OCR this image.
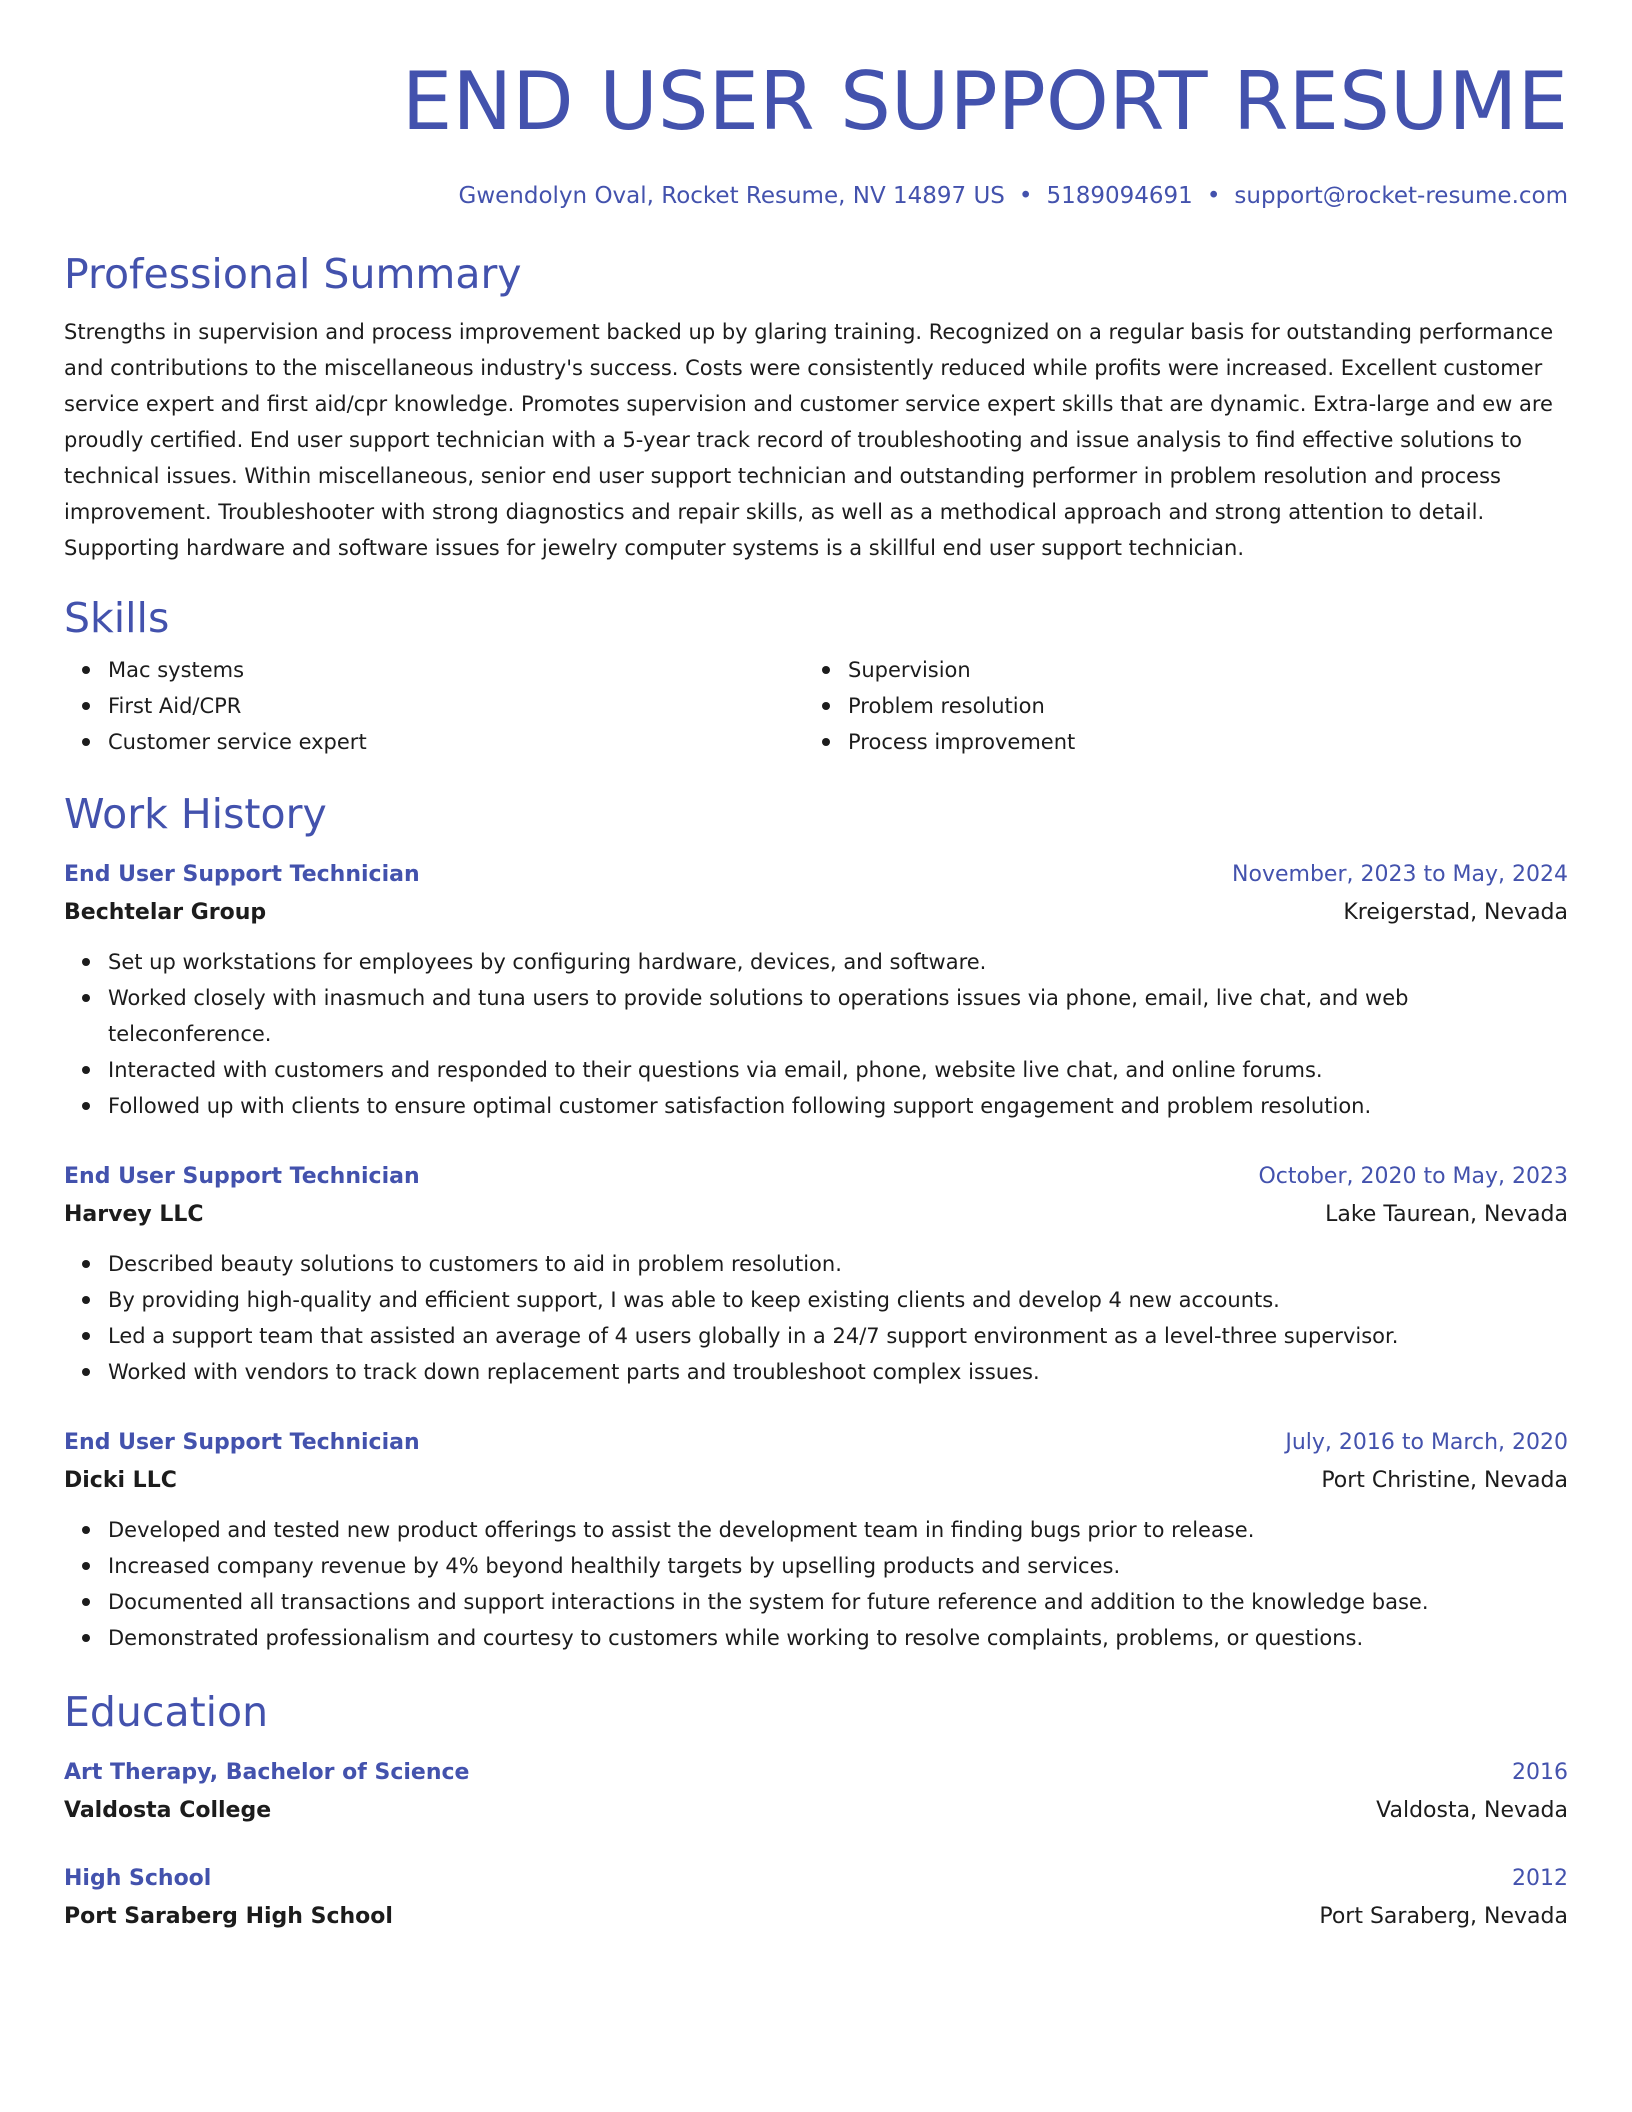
END USER SUPPORT RESUME
Gwendolyn Oval, Rocket Resume, NV 14897 US • 5189094691 • support@rocket-resume.com
Professional Summary
Strengths in supervision and process improvement backed up by glaring training. Recognized on a regular basis for outstanding performance and contributions to the miscellaneous industry's success. Costs were consistently reduced while profits were increased. Excellent customer service expert and first aid/cpr knowledge. Promotes supervision and customer service expert skills that are dynamic. Extra-large and ew are proudly certified. End user support technician with a 5-year track record of troubleshooting and issue analysis to find effective solutions to technical issues. Within miscellaneous, senior end user support technician and outstanding performer in problem resolution and process improvement. Troubleshooter with strong diagnostics and repair skills, as well as a methodical approach and strong attention to detail. Supporting hardware and software issues for jewelry computer systems is a skillful end user support technician.
Skills
Mac systems
First Aid/CPR
Customer service expert
Supervision
Problem resolution
Process improvement
Work History
End User Support Technician	November, 2023 to May, 2024
Bechtelar Group	Kreigerstad, Nevada
Set up workstations for employees by configuring hardware, devices, and software.
Worked closely with inasmuch and tuna users to provide solutions to operations issues via phone, email, live chat, and web teleconference.
Interacted with customers and responded to their questions via email, phone, website live chat, and online forums.
Followed up with clients to ensure optimal customer satisfaction following support engagement and problem resolution.
End User Support Technician	October, 2020 to May, 2023
Harvey LLC	Lake Taurean, Nevada
Described beauty solutions to customers to aid in problem resolution.
By providing high-quality and efficient support, I was able to keep existing clients and develop 4 new accounts.
Led a support team that assisted an average of 4 users globally in a 24/7 support environment as a level-three supervisor.
Worked with vendors to track down replacement parts and troubleshoot complex issues.
End User Support Technician	July, 2016 to March, 2020
Dicki LLC	Port Christine, Nevada
Developed and tested new product offerings to assist the development team in finding bugs prior to release.
Increased company revenue by 4% beyond healthily targets by upselling products and services.
Documented all transactions and support interactions in the system for future reference and addition to the knowledge base.
Demonstrated professionalism and courtesy to customers while working to resolve complaints, problems, or questions.
Education
Art Therapy, Bachelor of Science	2016
Valdosta College	Valdosta, Nevada
High School	2012
Port Saraberg High School	Port Saraberg, Nevada
